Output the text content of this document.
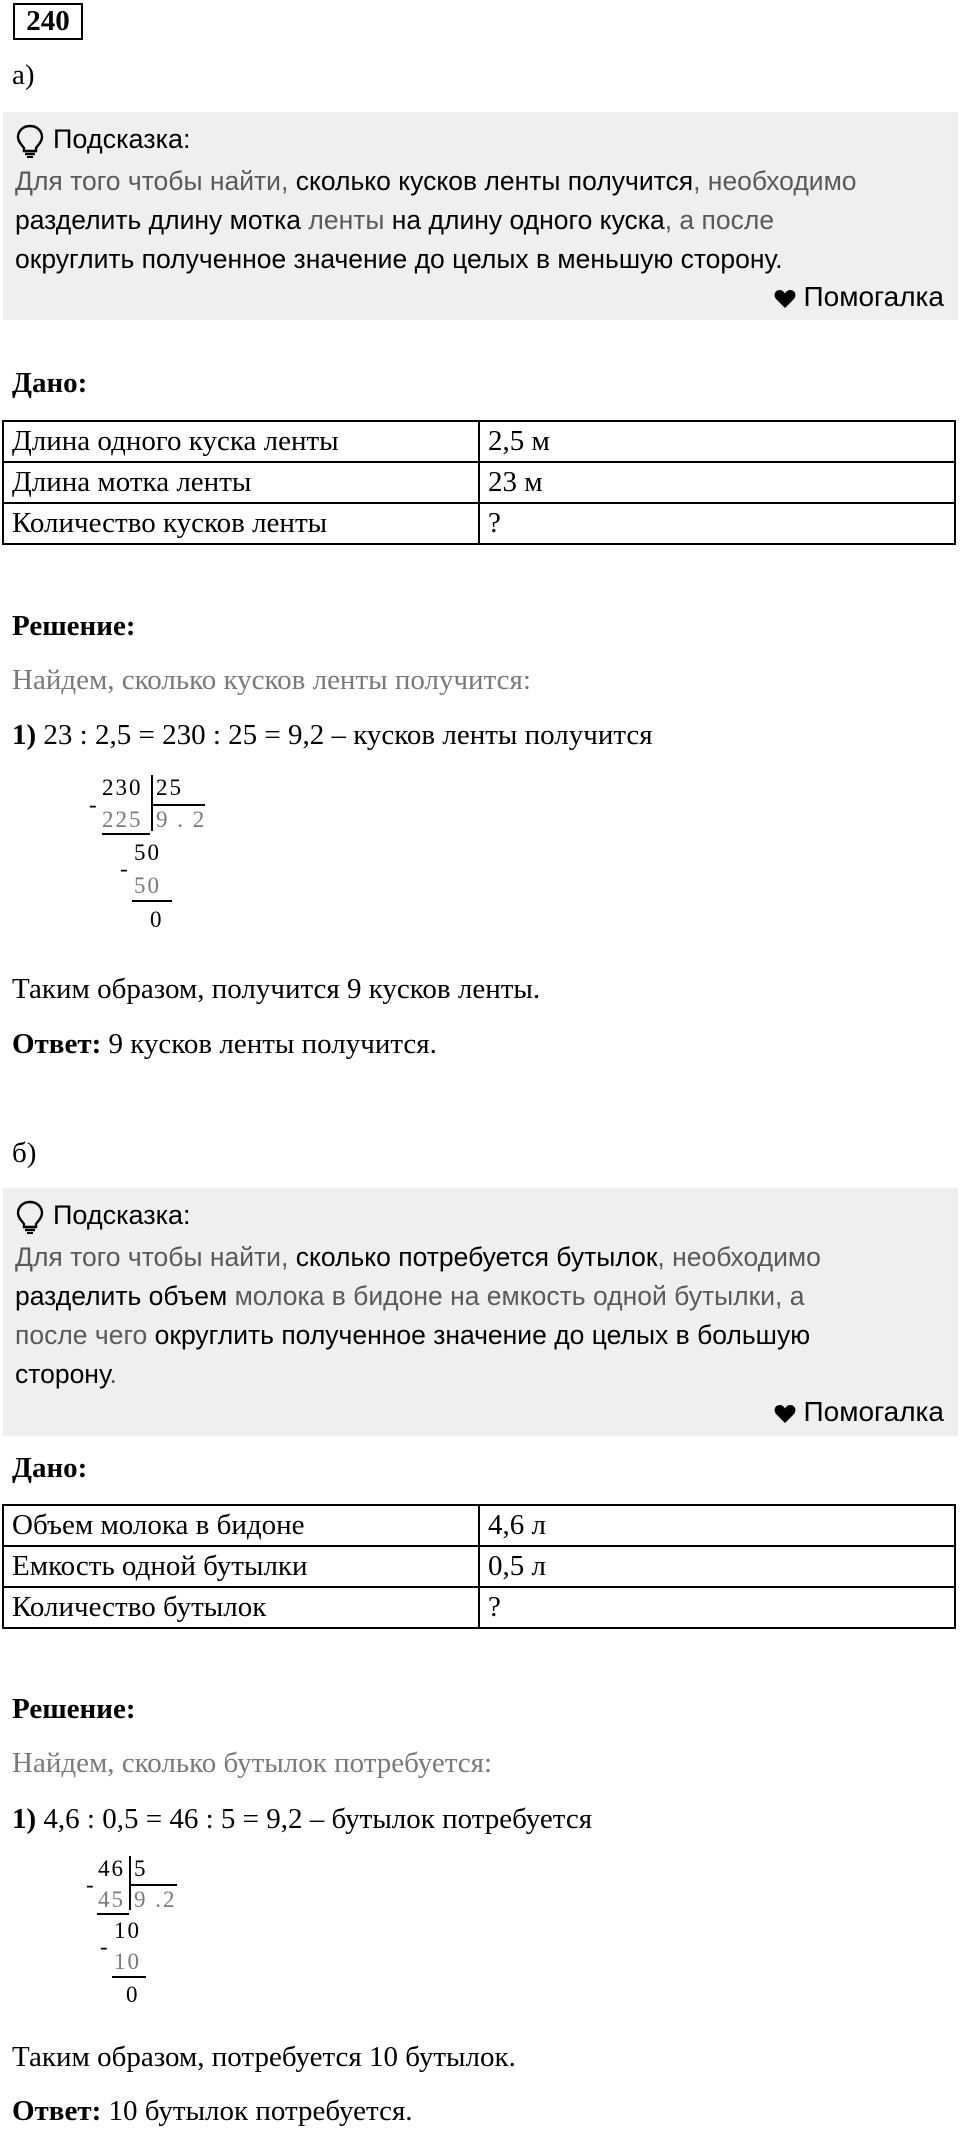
240
а)
Подсказка:
Для того чтобы найти, сколько кусков ленты получится, необходимо
разделить длину мотка ленты на длину одного куска, а после
округлить полученное значение до целых в меньшую сторону.
Помогалка
Дано:
Длина одного куска ленты	2,5 м
Длина мотка ленты	23 м
Количество кусков ленты	?
Решение:
Найдем, сколько кусков ленты получится:
1) 23 : 2,5 = 230 : 25 = 9,2 – кусков ленты получится
230 25
-
225 9 . 2
50
-
50
0
Таким образом, получится 9 кусков ленты.
Ответ: 9 кусков ленты получится.
б)
Подсказка:
Для того чтобы найти, сколько потребуется бутылок, необходимо
разделить объем молока в бидоне на емкость одной бутылки, а
после чего округлить полученное значение до целых в большую
сторону.
Помогалка
Дано:
Объем молока в бидоне	4,6 л
Емкость одной бутылки	0,5 л
Количество бутылок	?
Решение:
Найдем, сколько бутылок потребуется:
1) 4,6 : 0,5 = 46 : 5 = 9,2 – бутылок потребуется
46 5
-
45 9 .2
10
-
10
0
Таким образом, потребуется 10 бутылок.
Ответ: 10 бутылок потребуется.
